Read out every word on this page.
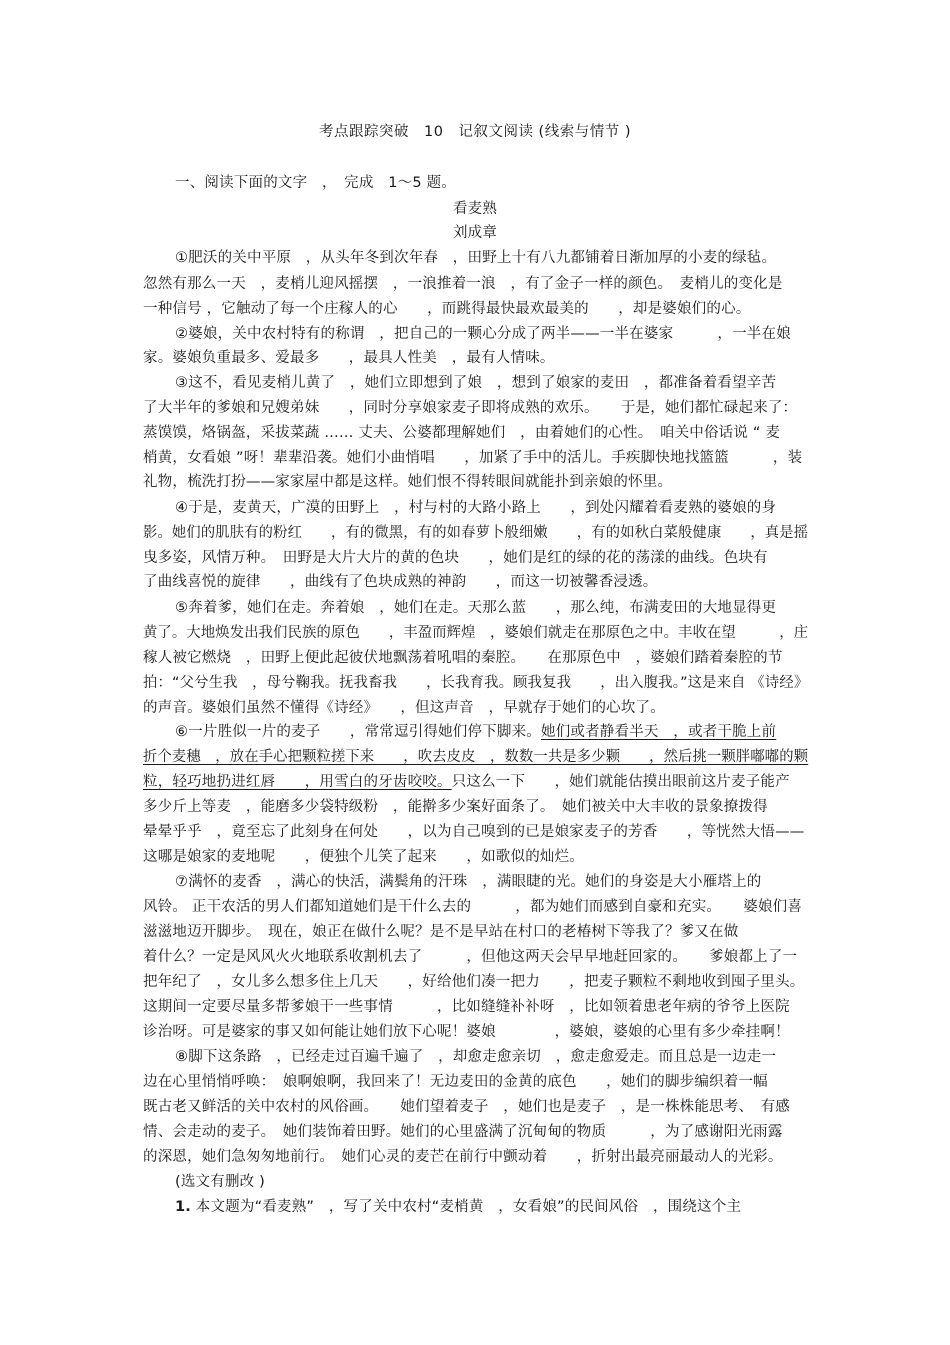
考点跟踪突破　10　记叙文阅读 (线索与情节 )
一、阅读下面的文字　，　完成　1～5 题。
看麦熟
刘成章
①肥沃的关中平原　，从头年冬到次年春　，田野上十有八九都铺着日渐加厚的小麦的绿毡。
忽然有那么一天　，麦梢儿迎风摇摆　，一浪推着一浪　，有了金子一样的颜色。　麦梢儿的变化是
一种信号 ，它触动了每一个庄稼人的心　　，而跳得最快最欢最美的　　，却是婆娘们的心。
②婆娘，关中农村特有的称谓　，把自己的一颗心分成了两半——一半在婆家　　　，一半在娘
家。婆娘负重最多、爱最多　　，最具人性美　，最有人情味。
③这不，看见麦梢儿黄了　，她们立即想到了娘　，想到了娘家的麦田　，都准备着看望辛苦
了大半年的爹娘和兄嫂弟妹　　，同时分享娘家麦子即将成熟的欢乐。　　于是，她们都忙碌起来了：
蒸馍馍，烙锅盔，采拔菜蔬 …… 丈夫、公婆都理解她们　，由着她们的心性。　咱关中俗话说 “ 麦
梢黄，女看娘 ”呀！辈辈沿袭。她们小曲悄唱　　，加紧了手中的活儿。手疾脚快地找篮篮　　　，装
礼物，梳洗打扮——家家屋中都是这样。她们恨不得转眼间就能扑到亲娘的怀里。
④于是，麦黄天，广漠的田野上　，村与村的大路小路上　　，到处闪耀着看麦熟的婆娘的身
影。她们的肌肤有的粉红　　，有的微黑，有的如春萝卜般细嫩　　，有的如秋白菜般健康　　，真是摇
曳多姿，风情万种。　田野是大片大片的黄的色块　　，她们是红的绿的花的荡漾的曲线。色块有
了曲线喜悦的旋律　　，曲线有了色块成熟的神韵　　，而这一切被馨香浸透。
⑤奔着爹，她们在走。奔着娘　，她们在走。天那么蓝　　，那么纯，布满麦田的大地显得更
黄了。大地焕发出我们民族的原色　　，丰盈而辉煌　，婆娘们就走在那原色之中。丰收在望　　　，庄
稼人被它燃烧　，田野上便此起彼伏地飘荡着吼唱的秦腔。　　在那原色中　，婆娘们踏着秦腔的节
拍：“父兮生我　，母兮鞠我。抚我畜我　　，长我育我。顾我复我　　，出入腹我。”这是来自 《诗经》
的声音。婆娘们虽然不懂得《诗经》　　，但这声音　，早就存于她们的心坎了。
⑥一片胜似一片的麦子　　，常常逗引得她们停下脚来。她们或者静看半天　，或者干脆上前
折个麦穗　，放在手心把颗粒搓下来　　，吹去皮皮　，数数一共是多少颗　　，然后挑一颗胖嘟嘟的颗
粒，轻巧地扔进红唇　　，用雪白的牙齿咬咬。只这么一下　　，她们就能估摸出眼前这片麦子能产
多少斤上等麦　，能磨多少袋特级粉　，能擀多少案好面条了。　她们被关中大丰收的景象撩拨得
晕晕乎乎　，竟至忘了此刻身在何处　　，以为自己嗅到的已是娘家麦子的芳香　　，等恍然大悟——
这哪是娘家的麦地呢　　，便独个儿笑了起来　　，如歌似的灿烂。
⑦满怀的麦香　，满心的快活，满鬓角的汗珠　，满眼睫的光。她们的身姿是大小雁塔上的
风铃。 正干农活的男人们都知道她们是干什么去的　　　，都为她们而感到自豪和充实。　　婆娘们喜
滋滋地迈开脚步。　现在，娘正在做什么呢？是不是早站在村口的老椿树下等我了？爹又在做
着什么？一定是风风火火地联系收割机去了　　　，但他这两天会早早地赶回家的。　　爹娘都上了一
把年纪了　，女儿多么想多住上几天　　，好给他们凑一把力　　，把麦子颗粒不剩地收到囤子里头。
这期间一定要尽量多帮爹娘干一些事情　　　，比如缝缝补补呀　，比如领着患老年病的爷爷上医院
诊治呀。可是婆家的事又如何能让她们放下心呢！婆娘　　　　，婆娘，婆娘的心里有多少牵挂啊！
⑧脚下这条路　，已经走过百遍千遍了　，却愈走愈亲切　，愈走愈爱走。而且总是一边走一
边在心里悄悄呼唤：　娘啊娘啊，我回来了！无边麦田的金黄的底色　　，她们的脚步编织着一幅
既古老又鲜活的关中农村的风俗画。　　她们望着麦子　，她们也是麦子　，是一株株能思考、　有感
情、会走动的麦子。　她们装饰着田野。她们的心里盛满了沉甸甸的物质　　　，为了感谢阳光雨露
的深恩，她们急匆匆地前行。　她们心灵的麦芒在前行中颤动着　　，折射出最亮丽最动人的光彩。
(选文有删改 )
1. 本文题为“看麦熟”　，写了关中农村“麦梢黄　，女看娘”的民间风俗　，围绕这个主
